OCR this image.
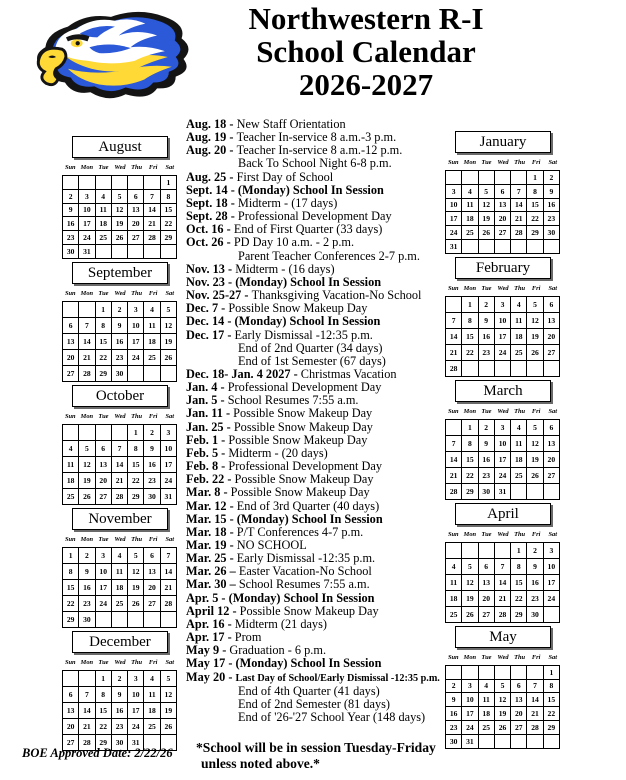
Northwestern R-I
School Calendar
2026-2027
August
Sun Mon Tue Wed Thu	Fri	Sat
						1
2	3	4	5	6	7	8
9	10	11	12	13	14	15
16	17	18	19	20	21	22
23	24	25	26	27	28	29
30	31					
September
Sun Mon Tue Wed Thu	Fri	Sat
		1	2	3	4	5
6	7	8	9	10	11	12
13	14	15	16	17	18	19
20	21	22	23	24	25	26
27	28	29	30			
October
Sun Mon Tue Wed Thu	Fri	Sat
				1	2	3
4	5	6	7	8	9	10
11	12	13	14	15	16	17
18	19	20	21	22	23	24
25	26	27	28	29	30	31
November
Sun Mon Tue Wed Thu	Fri	Sat
1	2	3	4	5	6	7
8	9	10	11	12	13	14
15	16	17	18	19	20	21
22	23	24	25	26	27	28
29	30					
December
Sun Mon Tue Wed Thu	Fri	Sat
		1	2	3	4	5
6	7	8	9	10	11	12
13	14	15	16	17	18	19
20	21	22	23	24	25	26
27	28	29	30	31		
January
Sun Mon Tue Wed Thu	Fri	Sat
					1	2
3	4	5	6	7	8	9
10	11	12	13	14	15	16
17	18	19	20	21	22	23
24	25	26	27	28	29	30
31						
February
Sun Mon Tue Wed Thu	Fri	Sat
	1	2	3	4	5	6
7	8	9	10	11	12	13
14	15	16	17	18	19	20
21	22	23	24	25	26	27
28						
March
Sun Mon Tue Wed Thu	Fri	Sat
	1	2	3	4	5	6
7	8	9	10	11	12	13
14	15	16	17	18	19	20
21	22	23	24	25	26	27
28	29	30	31			
April
Sun Mon Tue Wed Thu	Fri	Sat
				1	2	3
4	5	6	7	8	9	10
11	12	13	14	15	16	17
18	19	20	21	22	23	24
25	26	27	28	29	30	
May
Sun Mon Tue Wed Thu	Fri	Sat
						1
2	3	4	5	6	7	8
9	10	11	12	13	14	15
16	17	18	19	20	21	22
23	24	25	26	27	28	29
30	31					
Aug. 18 - New Staff Orientation
Aug. 19 - Teacher In-service 8 a.m.-3 p.m.
Aug. 20 - Teacher In-service 8 a.m.-12 p.m.
Back To School Night 6-8 p.m.
Aug. 25 - First Day of School
Sept. 14 - (Monday) School In Session
Sept. 18 - Midterm - (17 days)
Sept. 28 - Professional Development Day
Oct. 16 - End of First Quarter (33 days)
Oct. 26 - PD Day 10 a.m. - 2 p.m.
Parent Teacher Conferences 2-7 p.m.
Nov. 13 - Midterm - (16 days)
Nov. 23 - (Monday) School In Session
Nov. 25-27 - Thanksgiving Vacation-No School
Dec. 7 - Possible Snow Makeup Day
Dec. 14 - (Monday) School In Session
Dec. 17 - Early Dismissal -12:35 p.m.
End of 2nd Quarter (34 days)
End of 1st Semester (67 days)
Dec. 18- Jan. 4 2027 - Christmas Vacation
Jan. 4 - Professional Development Day
Jan. 5 - School Resumes 7:55 a.m.
Jan. 11 - Possible Snow Makeup Day
Jan. 25 - Possible Snow Makeup Day
Feb. 1 - Possible Snow Makeup Day
Feb. 5 - Midterm - (20 days)
Feb. 8 - Professional Development Day
Feb. 22 - Possible Snow Makeup Day
Mar. 8 - Possible Snow Makeup Day
Mar. 12 - End of 3rd Quarter (40 days)
Mar. 15 - (Monday) School In Session
Mar. 18 - P/T Conferences 4-7 p.m.
Mar. 19 - NO SCHOOL
Mar. 25 - Early Dismissal -12:35 p.m.
Mar. 26 – Easter Vacation-No School
Mar. 30 – School Resumes 7:55 a.m.
Apr. 5 - (Monday) School In Session
April 12 - Possible Snow Makeup Day
Apr. 16 - Midterm (21 days)
Apr. 17 - Prom
May 9 - Graduation - 6 p.m.
May 17 - (Monday) School In Session
May 20 - Last Day of School/Early Dismissal -12:35 p.m.
End of 4th Quarter (41 days)
End of 2nd Semester (81 days)
End of '26-'27 School Year (148 days)
BOE Approved Date: 2/22/26 *School will be in session Tuesday-Friday
unless noted above.*
